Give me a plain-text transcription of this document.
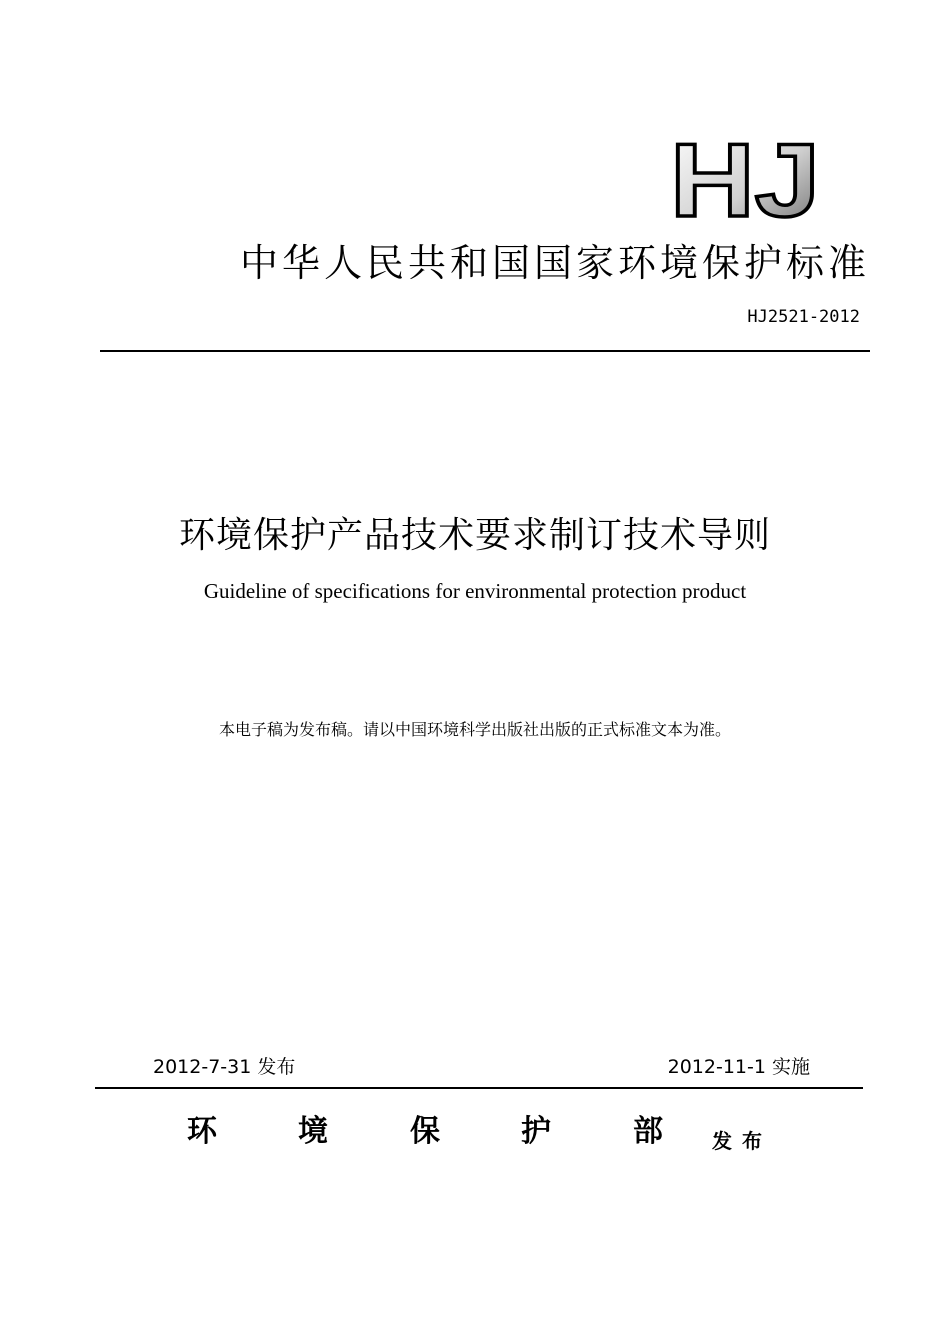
HJ
中华人民共和国国家环境保护标准
HJ2521-2012
环境保护产品技术要求制订技术导则
Guideline of specifications for environmental protection product
本电子稿为发布稿。请以中国环境科学出版社出版的正式标准文本为准。
2012-7-31 发布	2012-11-1 实施
环	境	保	护	部 发布
